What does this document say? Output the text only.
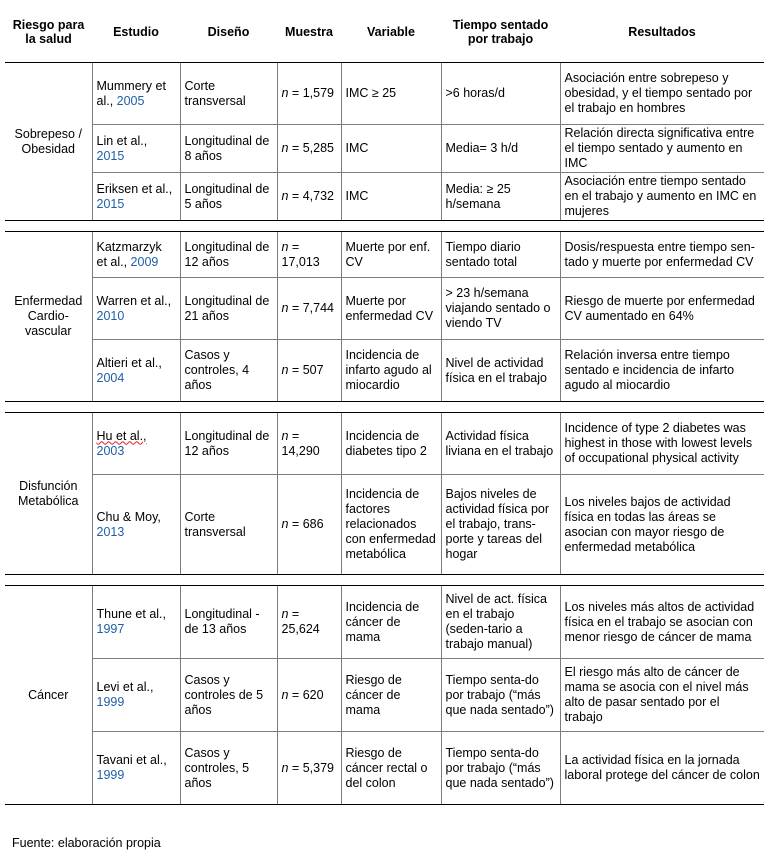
Riesgo para la salud	Estudio	Diseño	Muestra	Variable	Tiempo sentado por trabajo	Resultados
Sobrepeso / Obesidad	Mummery et al., 2005	Corte transversal	n = 1,579	IMC ≥ 25	>6 horas/d	Asociación entre sobrepeso y obesidad, y el tiempo sentado por el trabajo en hombres
	Lin et al., 2015	Longitudinal de 8 años	n = 5,285	IMC	Media= 3 h/d	Relación directa significativa entre el tiempo sentado y aumento en IMC
	Eriksen et al., 2015	Longitudinal de 5 años	n = 4,732	IMC	Media: ≥ 25 h/semana	Asociación entre tiempo sentado en el trabajo y aumento en IMC en mujeres

Enfermedad Cardio-vascular	Katzmarzyk et al., 2009	Longitudinal de 12 años	n = 17,013	Muerte por enf. CV	Tiempo diario sentado total	Dosis/respuesta entre tiempo sen-tado y muerte por enfermedad CV
	Warren et al., 2010	Longitudinal de 21 años	n = 7,744	Muerte por enfermedad CV	> 23 h/semana viajando sentado o viendo TV	Riesgo de muerte por enfermedad CV aumentado en 64%
	Altieri et al., 2004	Casos y controles, 4 años	n = 507	Incidencia de infarto agudo al miocardio	Nivel de actividad física en el trabajo	Relación inversa entre tiempo sentado e incidencia de infarto agudo al miocardio

Disfunción Metabólica	Hu et al., 2003	Longitudinal de 12 años	n = 14,290	Incidencia de diabetes tipo 2	Actividad física liviana en el trabajo	Incidence of type 2 diabetes was highest in those with lowest levels of occupational physical activity
	Chu & Moy, 2013	Corte transversal	n = 686	Incidencia de factores relacionados con enfermedad metabólica	Bajos niveles de actividad física por el trabajo, trans-porte y tareas del hogar	Los niveles bajos de actividad física en todas las áreas se asocian con mayor riesgo de enfermedad metabólica

Cáncer	Thune et al., 1997	Longitudinal -de 13 años	n = 25,624	Incidencia de cáncer de mama	Nivel de act. física en el trabajo (seden-tario a trabajo manual)	Los niveles más altos de actividad física en el trabajo se asocian con menor riesgo de cáncer de mama
	Levi et al., 1999	Casos y controles de 5 años	n = 620	Riesgo de cáncer de mama	Tiempo senta-do por trabajo (“más que nada sentado”)	El riesgo más alto de cáncer de mama se asocia con el nivel más alto de pasar sentado por el trabajo
	Tavani et al., 1999	Casos y controles, 5 años	n = 5,379	Riesgo de cáncer rectal o del colon	Tiempo senta-do por trabajo (“más que nada sentado”)	La actividad física en la jornada laboral protege del cáncer de colon
Fuente: elaboración propia
